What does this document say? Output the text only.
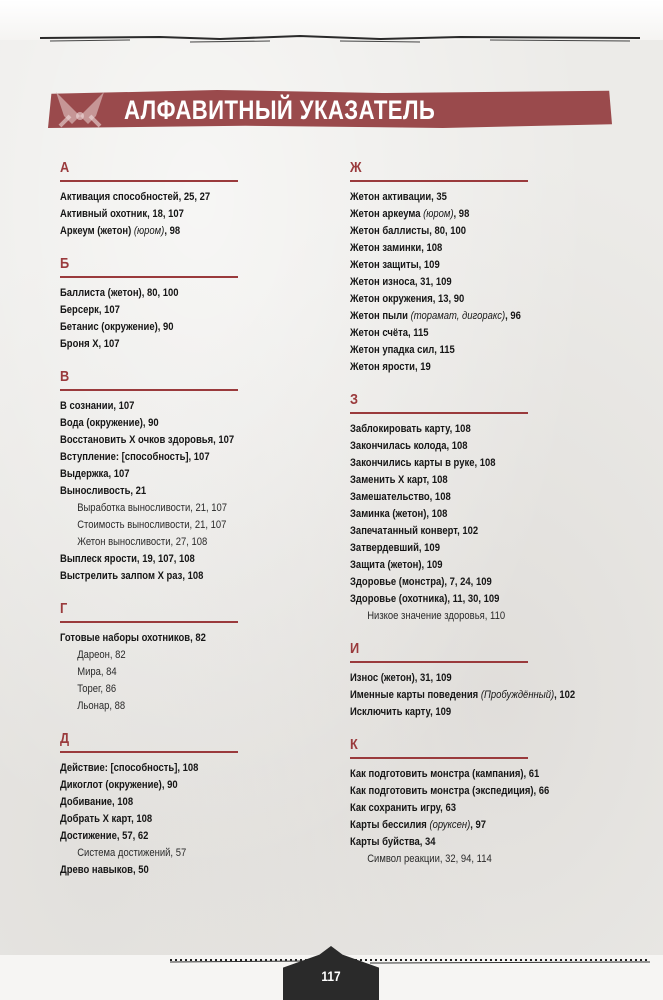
АЛФАВИТНЫЙ УКАЗАТЕЛЬ
А
Активация способностей, 25, 27
Активный охотник, 18, 107
Аркеум (жетон) (юром), 98
Б
Баллиста (жетон), 80, 100
Берсерк, 107
Бетанис (окружение), 90
Броня X, 107
В
В сознании, 107
Вода (окружение), 90
Восстановить X очков здоровья, 107
Вступление: [способность], 107
Выдержка, 107
Выносливость, 21
Выработка выносливости, 21, 107
Стоимость выносливости, 21, 107
Жетон выносливости, 27, 108
Выплеск ярости, 19, 107, 108
Выстрелить залпом X раз, 108
Г
Готовые наборы охотников, 82
Дареон, 82
Мира, 84
Торег, 86
Льонар, 88
Д
Действие: [способность], 108
Дикоглот (окружение), 90
Добивание, 108
Добрать X карт, 108
Достижение, 57, 62
Система достижений, 57
Древо навыков, 50
Ж
Жетон активации, 35
Жетон аркеума (юром), 98
Жетон баллисты, 80, 100
Жетон заминки, 108
Жетон защиты, 109
Жетон износа, 31, 109
Жетон окружения, 13, 90
Жетон пыли (торамат, дигоракс), 96
Жетон счёта, 115
Жетон упадка сил, 115
Жетон ярости, 19
З
Заблокировать карту, 108
Закончилась колода, 108
Закончились карты в руке, 108
Заменить X карт, 108
Замешательство, 108
Заминка (жетон), 108
Запечатанный конверт, 102
Затвердевший, 109
Защита (жетон), 109
Здоровье (монстра), 7, 24, 109
Здоровье (охотника), 11, 30, 109
Низкое значение здоровья, 110
И
Износ (жетон), 31, 109
Именные карты поведения (Пробуждённый), 102
Исключить карту, 109
К
Как подготовить монстра (кампания), 61
Как подготовить монстра (экспедиция), 66
Как сохранить игру, 63
Карты бессилия (оруксен), 97
Карты буйства, 34
Символ реакции, 32, 94, 114
117
